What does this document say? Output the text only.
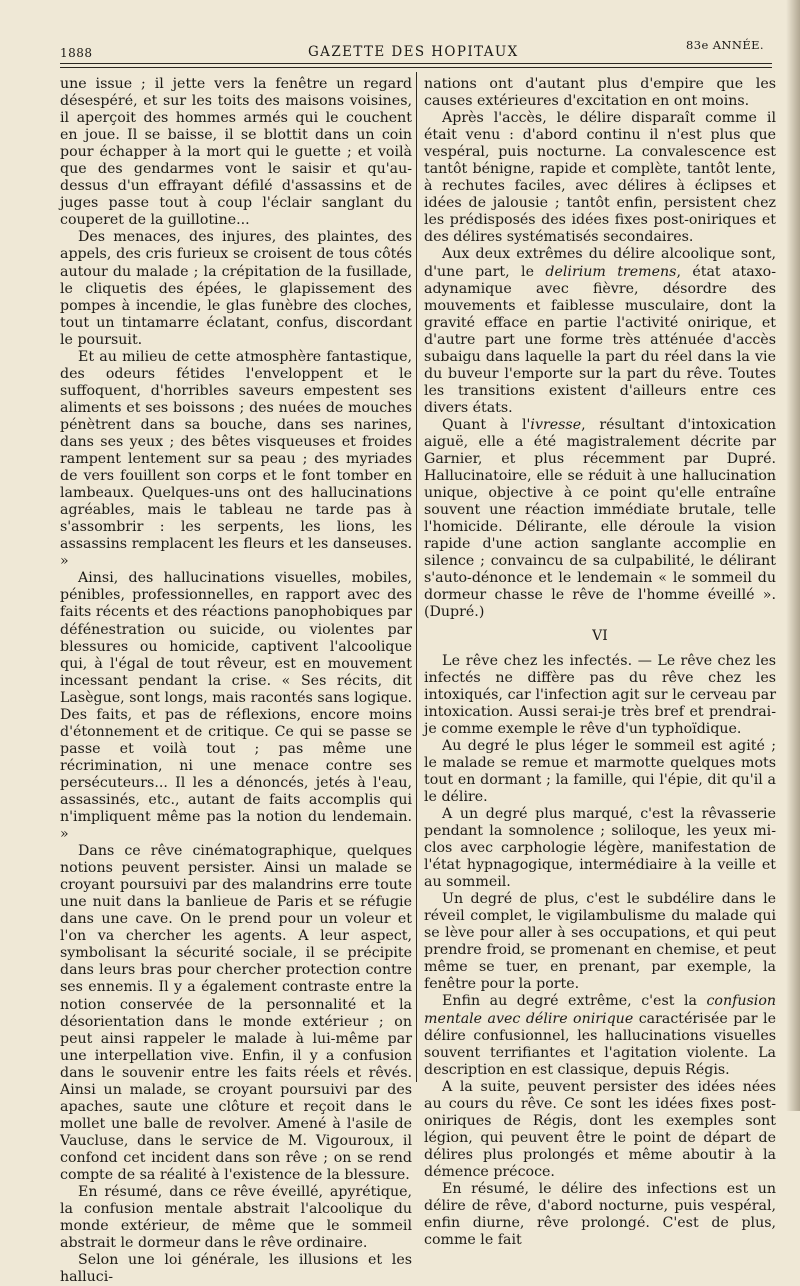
1888	GAZETTE DES HOPITAUX	83e ANNÉE.

une issue ; il jette vers la fenêtre un regard désespéré, et sur les toits des maisons voisines, il aperçoit des hommes armés qui le couchent en joue. Il se baisse, il se blottit dans un coin pour échapper à la mort qui le guette ; et voilà que des gendarmes vont le saisir et qu'au-dessus d'un effrayant défilé d'assassins et de juges passe tout à coup l'éclair sanglant du couperet de la guillotine...

Des menaces, des injures, des plaintes, des appels, des cris furieux se croisent de tous côtés autour du malade ; la crépitation de la fusillade, le cliquetis des épées, le glapissement des pompes à incendie, le glas funèbre des cloches, tout un tintamarre éclatant, confus, discordant le poursuit.

Et au milieu de cette atmosphère fantastique, des odeurs fétides l'enveloppent et le suffoquent, d'horribles saveurs empestent ses aliments et ses boissons ; des nuées de mouches pénètrent dans sa bouche, dans ses narines, dans ses yeux ; des bêtes visqueuses et froides rampent lentement sur sa peau ; des myriades de vers fouillent son corps et le font tomber en lambeaux. Quelques-uns ont des hallucinations agréables, mais le tableau ne tarde pas à s'assombrir : les serpents, les lions, les assassins remplacent les fleurs et les danseuses. »

Ainsi, des hallucinations visuelles, mobiles, pénibles, professionnelles, en rapport avec des faits récents et des réactions panophobiques par défénestration ou suicide, ou violentes par blessures ou homicide, captivent l'alcoolique qui, à l'égal de tout rêveur, est en mouvement incessant pendant la crise. « Ses récits, dit Lasègue, sont longs, mais racontés sans logique. Des faits, et pas de réflexions, encore moins d'étonnement et de critique. Ce qui se passe se passe et voilà tout ; pas même une récrimination, ni une menace contre ses persécuteurs... Il les a dénoncés, jetés à l'eau, assassinés, etc., autant de faits accomplis qui n'impliquent même pas la notion du lendemain. »

Dans ce rêve cinématographique, quelques notions peuvent persister. Ainsi un malade se croyant poursuivi par des malandrins erre toute une nuit dans la banlieue de Paris et se réfugie dans une cave. On le prend pour un voleur et l'on va chercher les agents. A leur aspect, symbolisant la sécurité sociale, il se précipite dans leurs bras pour chercher protection contre ses ennemis. Il y a également contraste entre la notion conservée de la personnalité et la désorientation dans le monde extérieur ; on peut ainsi rappeler le malade à lui-même par une interpellation vive. Enfin, il y a confusion dans le souvenir entre les faits réels et rêvés. Ainsi un malade, se croyant poursuivi par des apaches, saute une clôture et reçoit dans le mollet une balle de revolver. Amené à l'asile de Vaucluse, dans le service de M. Vigouroux, il confond cet incident dans son rêve ; on se rend compte de sa réalité à l'existence de la blessure.

En résumé, dans ce rêve éveillé, apyrétique, la confusion mentale abstrait l'alcoolique du monde extérieur, de même que le sommeil abstrait le dormeur dans le rêve ordinaire.

Selon une loi générale, les illusions et les halluci-

nations ont d'autant plus d'empire que les causes extérieures d'excitation en ont moins.

Après l'accès, le délire disparaît comme il était venu : d'abord continu il n'est plus que vespéral, puis nocturne. La convalescence est tantôt bénigne, rapide et complète, tantôt lente, à rechutes faciles, avec délires à éclipses et idées de jalousie ; tantôt enfin, persistent chez les prédisposés des idées fixes post-oniriques et des délires systématisés secondaires.

Aux deux extrêmes du délire alcoolique sont, d'une part, le delirium tremens, état ataxo-adynamique avec fièvre, désordre des mouvements et faiblesse musculaire, dont la gravité efface en partie l'activité onirique, et d'autre part une forme très atténuée d'accès subaigu dans laquelle la part du réel dans la vie du buveur l'emporte sur la part du rêve. Toutes les transitions existent d'ailleurs entre ces divers états.

Quant à l'ivresse, résultant d'intoxication aiguë, elle a été magistralement décrite par Garnier, et plus récemment par Dupré. Hallucinatoire, elle se réduit à une hallucination unique, objective à ce point qu'elle entraîne souvent une réaction immédiate brutale, telle l'homicide. Délirante, elle déroule la vision rapide d'une action sanglante accomplie en silence ; convaincu de sa culpabilité, le délirant s'auto-dénonce et le lendemain « le sommeil du dormeur chasse le rêve de l'homme éveillé ». (Dupré.)

VI

Le rêve chez les infectés. — Le rêve chez les infectés ne diffère pas du rêve chez les intoxiqués, car l'infection agit sur le cerveau par intoxication. Aussi serai-je très bref et prendrai-je comme exemple le rêve d'un typhoïdique.

Au degré le plus léger le sommeil est agité ; le malade se remue et marmotte quelques mots tout en dormant ; la famille, qui l'épie, dit qu'il a le délire.

A un degré plus marqué, c'est la rêvasserie pendant la somnolence ; soliloque, les yeux mi-clos avec carphologie légère, manifestation de l'état hypnagogique, intermédiaire à la veille et au sommeil.

Un degré de plus, c'est le subdélire dans le réveil complet, le vigilambulisme du malade qui se lève pour aller à ses occupations, et qui peut prendre froid, se promenant en chemise, et peut même se tuer, en prenant, par exemple, la fenêtre pour la porte.

Enfin au degré extrême, c'est la confusion mentale avec délire onirique caractérisée par le délire confusionnel, les hallucinations visuelles souvent terrifiantes et l'agitation violente. La description en est classique, depuis Régis.

A la suite, peuvent persister des idées nées au cours du rêve. Ce sont les idées fixes post-oniriques de Régis, dont les exemples sont légion, qui peuvent être le point de départ de délires plus prolongés et même aboutir à la démence précoce.

En résumé, le délire des infections est un délire de rêve, d'abord nocturne, puis vespéral, enfin diurne, rêve prolongé. C'est de plus, comme le fait
